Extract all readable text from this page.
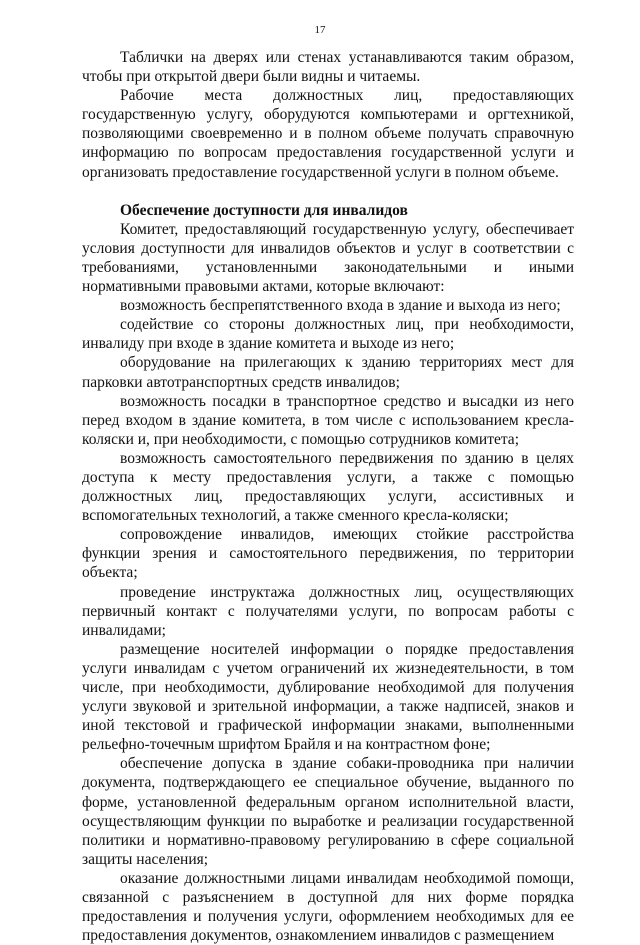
17

Таблички на дверях или стенах устанавливаются таким образом, чтобы при открытой двери были видны и читаемы.

Рабочие места должностных лиц, предоставляющих государственную услугу, оборудуются компьютерами и оргтехникой, позволяющими своевременно и в полном объеме получать справочную информацию по вопросам предоставления государственной услуги и организовать предоставление государственной услуги в полном объеме.

Обеспечение доступности для инвалидов

Комитет, предоставляющий государственную услугу, обеспечивает условия доступности для инвалидов объектов и услуг в соответствии с требованиями, установленными законодательными и иными нормативными правовыми актами, которые включают:

возможность беспрепятственного входа в здание и выхода из него;

содействие со стороны должностных лиц, при необходимости, инвалиду при входе в здание комитета и выходе из него;

оборудование на прилегающих к зданию территориях мест для парковки автотранспортных средств инвалидов;

возможность посадки в транспортное средство и высадки из него перед входом в здание комитета, в том числе с использованием кресла-коляски и, при необходимости, с помощью сотрудников комитета;

возможность самостоятельного передвижения по зданию в целях доступа к месту предоставления услуги, а также с помощью должностных лиц, предоставляющих услуги, ассистивных и вспомогательных технологий, а также сменного кресла-коляски;

сопровождение инвалидов, имеющих стойкие расстройства функции зрения и самостоятельного передвижения, по территории объекта;

проведение инструктажа должностных лиц, осуществляющих первичный контакт с получателями услуги, по вопросам работы с инвалидами;

размещение носителей информации о порядке предоставления услуги инвалидам с учетом ограничений их жизнедеятельности, в том числе, при необходимости, дублирование необходимой для получения услуги звуковой и зрительной информации, а также надписей, знаков и иной текстовой и графической информации знаками, выполненными рельефно-точечным шрифтом Брайля и на контрастном фоне;

обеспечение допуска в здание собаки-проводника при наличии документа, подтверждающего ее специальное обучение, выданного по форме, установленной федеральным органом исполнительной власти, осуществляющим функции по выработке и реализации государственной политики и нормативно-правовому регулированию в сфере социальной защиты населения;

оказание должностными лицами инвалидам необходимой помощи, связанной с разъяснением в доступной для них форме порядка предоставления и получения услуги, оформлением необходимых для ее предоставления документов, ознакомлением инвалидов с размещением
